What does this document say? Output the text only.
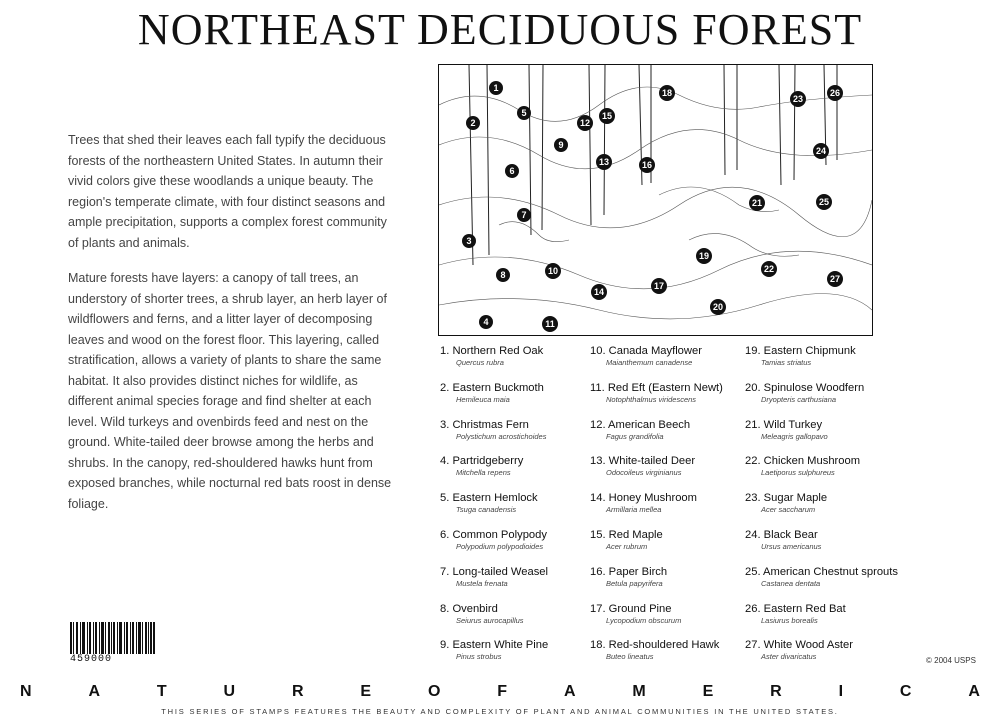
NORTHEAST DECIDUOUS FOREST
Trees that shed their leaves each fall typify the deciduous forests of the northeastern United States. In autumn their vivid colors give these woodlands a unique beauty. The region's temperate climate, with four distinct seasons and ample precipitation, supports a complex forest community of plants and animals.
Mature forests have layers: a canopy of tall trees, an understory of shorter trees, a shrub layer, an herb layer of wildflowers and ferns, and a litter layer of decomposing leaves and wood on the forest floor. This layering, called stratification, allows a variety of plants to share the same habitat. It also provides distinct niches for wildlife, as different animal species forage and find shelter at each level. Wild turkeys and ovenbirds feed and nest on the ground. White-tailed deer browse among the herbs and shrubs. In the canopy, red-shouldered hawks hunt from exposed branches, while nocturnal red bats roost in dense foliage.
1
2
3
4
5
6
7
8
9
10
11
12
13
14
15
16
17
18
19
20
21
22
23
24
25
26
27
1. Northern Red Oak
Quercus rubra
2. Eastern Buckmoth
Hemileuca maia
3. Christmas Fern
Polystichum acrostichoides
4. Partridgeberry
Mitchella repens
5. Eastern Hemlock
Tsuga canadensis
6. Common Polypody
Polypodium polypodioides
7. Long-tailed Weasel
Mustela frenata
8. Ovenbird
Seiurus aurocapillus
9. Eastern White Pine
Pinus strobus
10. Canada Mayflower
Maianthemum canadense
11. Red Eft (Eastern Newt)
Notophthalmus viridescens
12. American Beech
Fagus grandifolia
13. White-tailed Deer
Odocoileus virginianus
14. Honey Mushroom
Armillaria mellea
15. Red Maple
Acer rubrum
16. Paper Birch
Betula papyrifera
17. Ground Pine
Lycopodium obscurum
18. Red-shouldered Hawk
Buteo lineatus
19. Eastern Chipmunk
Tamias striatus
20. Spinulose Woodfern
Dryopteris carthusiana
21. Wild Turkey
Meleagris gallopavo
22. Chicken Mushroom
Laetiporus sulphureus
23. Sugar Maple
Acer saccharum
24. Black Bear
Ursus americanus
25. American Chestnut sprouts
Castanea dentata
26. Eastern Red Bat
Lasiurus borealis
27. White Wood Aster
Aster divaricatus
459000	© 2004 USPS
N	A	T	U	R	E	O	F	A	M	E	R	I	C	A
THIS SERIES OF STAMPS FEATURES THE BEAUTY AND COMPLEXITY OF PLANT AND ANIMAL COMMUNITIES IN THE UNITED STATES.
